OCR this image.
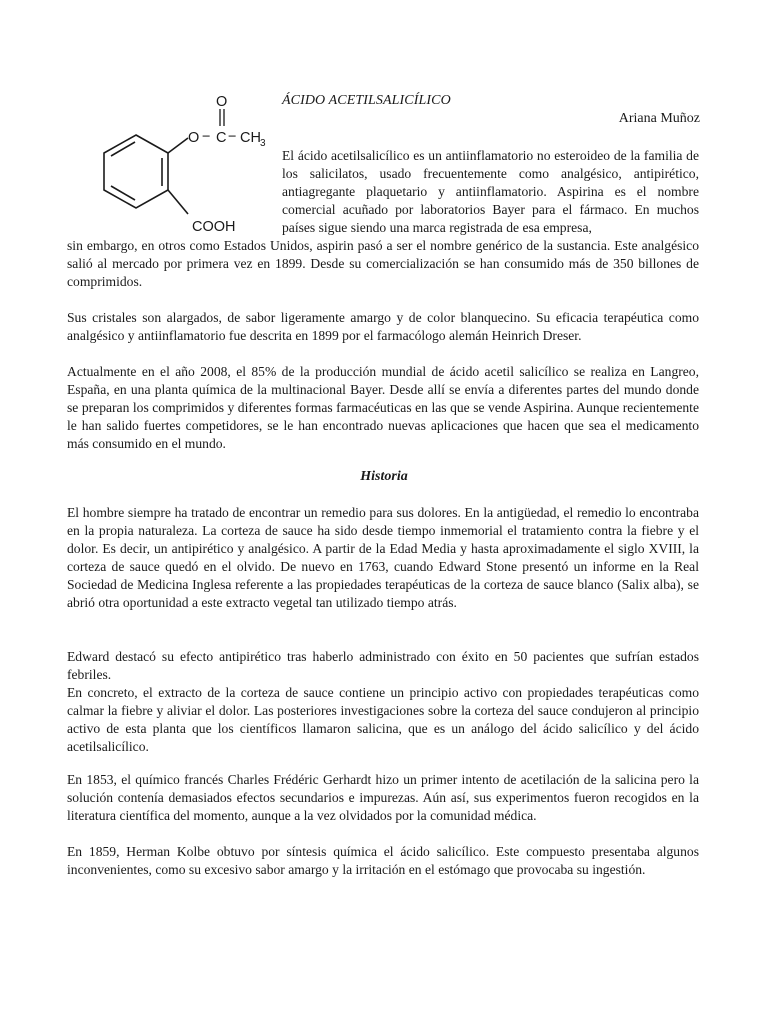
O
O − C − CH 3
COOH
ÁCIDO ACETILSALICÍLICO
Ariana Muñoz

El ácido acetilsalicílico es un antiinflamatorio no esteroideo de la familia de los salicilatos, usado frecuentemente como analgésico, antipirético, antiagregante plaquetario y antiinflamatorio. Aspirina es el nombre comercial acuñado por laboratorios Bayer para el fármaco. En muchos países sigue siendo una marca registrada de esa empresa,

sin embargo, en otros como Estados Unidos, aspirin pasó a ser el nombre genérico de la sustancia. Este analgésico salió al mercado por primera vez en 1899. Desde su comercialización se han consumido más de 350 billones de comprimidos.

Sus cristales son alargados, de sabor ligeramente amargo y de color blanquecino. Su eficacia terapéutica como analgésico y antiinflamatorio fue descrita en 1899 por el farmacólogo alemán Heinrich Dreser.

Actualmente en el año 2008, el 85% de la producción mundial de ácido acetil salicílico se realiza en Langreo, España, en una planta química de la multinacional Bayer. Desde allí se envía a diferentes partes del mundo donde se preparan los comprimidos y diferentes formas farmacéuticas en las que se vende Aspirina. Aunque recientemente le han salido fuertes competidores, se le han encontrado nuevas aplicaciones que hacen que sea el medicamento más consumido en el mundo.

Historia

El hombre siempre ha tratado de encontrar un remedio para sus dolores. En la antigüedad, el remedio lo encontraba en la propia naturaleza. La corteza de sauce ha sido desde tiempo inmemorial el tratamiento contra la fiebre y el dolor. Es decir, un antipirético y analgésico. A partir de la Edad Media y hasta aproximadamente el siglo XVIII, la corteza de sauce quedó en el olvido. De nuevo en 1763, cuando Edward Stone presentó un informe en la Real Sociedad de Medicina Inglesa referente a las propiedades terapéuticas de la corteza de sauce blanco (Salix alba), se abrió otra oportunidad a este extracto vegetal tan utilizado tiempo atrás.

Edward destacó su efecto antipirético tras haberlo administrado con éxito en 50 pacientes que sufrían estados febriles.

En concreto, el extracto de la corteza de sauce contiene un principio activo con propiedades terapéuticas como calmar la fiebre y aliviar el dolor. Las posteriores investigaciones sobre la corteza del sauce condujeron al principio activo de esta planta que los científicos llamaron salicina, que es un análogo del ácido salicílico y del ácido acetilsalicílico.

En 1853, el químico francés Charles Frédéric Gerhardt hizo un primer intento de acetilación de la salicina pero la solución contenía demasiados efectos secundarios e impurezas. Aún así, sus experimentos fueron recogidos en la literatura científica del momento, aunque a la vez olvidados por la comunidad médica.

En 1859, Herman Kolbe obtuvo por síntesis química el ácido salicílico. Este compuesto presentaba algunos inconvenientes, como su excesivo sabor amargo y la irritación en el estómago que provocaba su ingestión.
